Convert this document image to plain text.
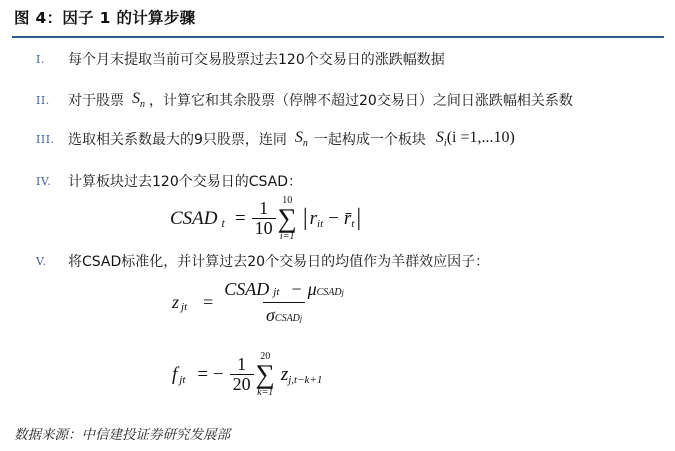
图 4：因子 1 的计算步骤
I.	每个月末提取当前可交易股票过去120个交易日的涨跌幅数据
II.	对于股票 $S_n$ ，计算它和其余股票（停牌不超过20交易日）之间日涨跌幅相关系数
III. 选取相关系数最大的9只股票，连同 $S_n$ 一起构成一个板块 $S_i(i =1,...10)$
IV.	计算板块过去120个交易日的CSAD：
CSAD $t = \frac{1}{10} 10$
∑
i=1
| r it − r̄ t |
V.	将CSAD标准化，并计算过去20个交易日的均值作为羊群效应因子：
z jt = $\frac{\text{CSAD jt − μ CSAD j}}{\text{σCSADj}}$
f jt = − $\frac{1}{20} 20$
∑
k=1
z j,t−k+1
数据来源：中信建投证券研究发展部
